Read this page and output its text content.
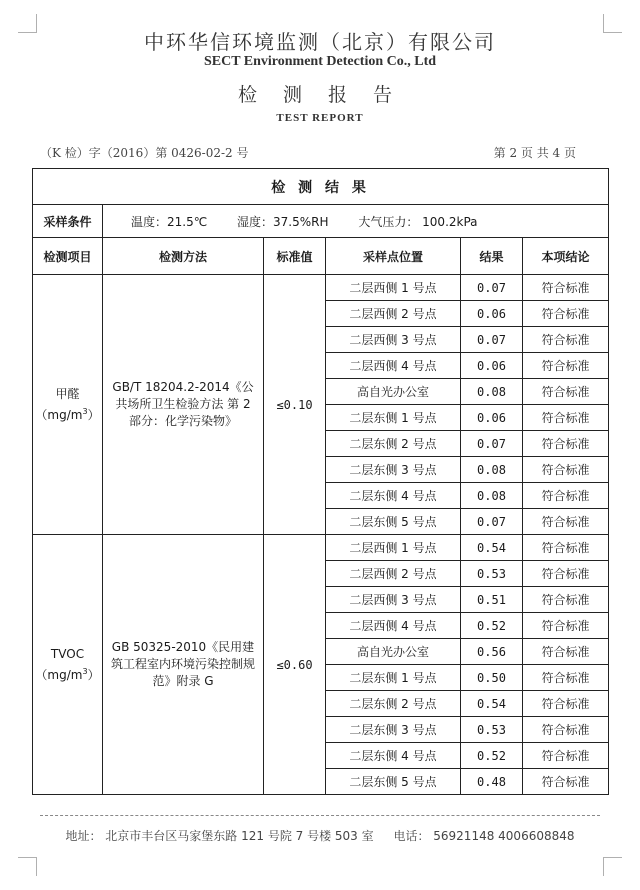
中环华信环境监测（北京）有限公司
SECT Environment Detection Co., Ltd
检 测 报 告
TEST REPORT
（K 检）字（2016）第 0426-02-2 号	第 2 页 共 4 页
检 测 结 果					
采样条件	温度：21.5℃ 湿度：37.5%RH 大气压力： 100.2kPa				
检测项目	检测方法	标准值	采样点位置	结果	本项结论

甲醛
$(mg/m^3)$	GB/T 18204.2-2014《公共场所卫生检验方法 第 2 部分：化学污染物》	≤0.10	二层西侧 1 号点	0.07	符合标准
			二层西侧 2 号点	0.06	符合标准
			二层西侧 3 号点	0.07	符合标准
			二层西侧 4 号点	0.06	符合标准
			高自光办公室	0.08	符合标准
			二层东侧 1 号点	0.06	符合标准
			二层东侧 2 号点	0.07	符合标准
			二层东侧 3 号点	0.08	符合标准
			二层东侧 4 号点	0.08	符合标准
			二层东侧 5 号点	0.07	符合标准

TVOC
$(mg/m^3)$	GB 50325-2010《民用建筑工程室内环境污染控制规范》附录 G	≤0.60	二层西侧 1 号点	0.54	符合标准
			二层西侧 2 号点	0.53	符合标准
			二层西侧 3 号点	0.51	符合标准
			二层西侧 4 号点	0.52	符合标准
			高自光办公室	0.56	符合标准
			二层东侧 1 号点	0.50	符合标准
			二层东侧 2 号点	0.54	符合标准
			二层东侧 3 号点	0.53	符合标准
			二层东侧 4 号点	0.52	符合标准
			二层东侧 5 号点	0.48	符合标准
地址： 北京市丰台区马家堡东路 121 号院 7 号楼 503 室 电话： 56921148 4006608848
